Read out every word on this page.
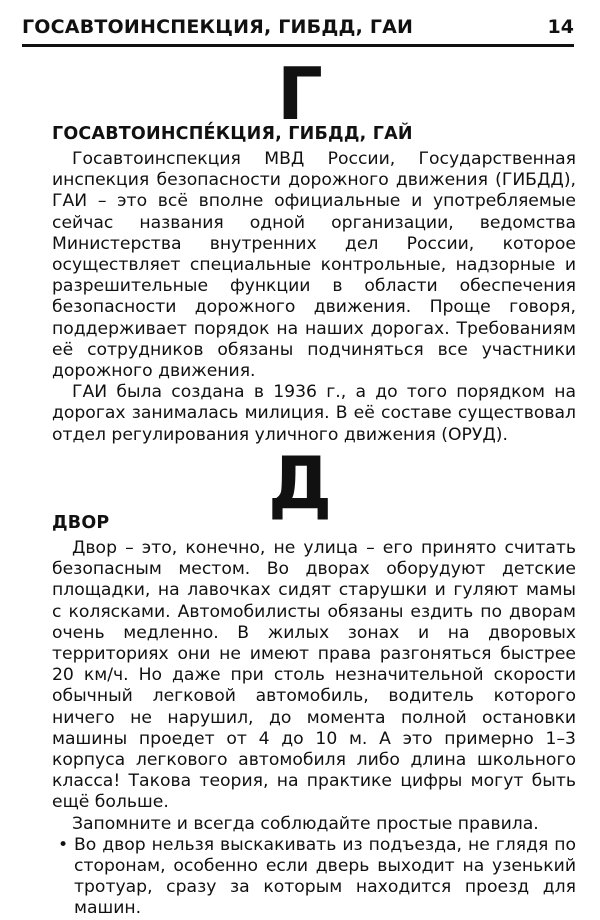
ГОСАВТОИНСПЕКЦИЯ, ГИБДД, ГАИ	14
Г
ГОСАВТОИНСПЕ́КЦИЯ, ГИБДД, ГАЙ

Госавтоинспекция МВД России, Государственная инспекция безопасности дорожного движения (ГИБДД), ГАИ – это всё вполне официальные и употребляемые сейчас названия одной организации, ведомства Министерства внутренних дел России, которое осуществляет специальные контрольные, надзорные и разрешительные функции в области обеспечения безопасности дорожного движения. Проще говоря, поддерживает порядок на наших дорогах. Требованиям её сотрудников обязаны подчиняться все участники дорожного движения.

ГАИ была создана в 1936 г., а до того порядком на дорогах занималась милиция. В её составе существовал отдел регулирования уличного движения (ОРУД).

Д
ДВОР

Двор – это, конечно, не улица – его принято считать безопасным местом. Во дворах оборудуют детские площадки, на лавочках сидят старушки и гуляют мамы с колясками. Автомобилисты обязаны ездить по дворам очень медленно. В жилых зонах и на дворовых территориях они не имеют права разгоняться быстрее 20 км/ч. Но даже при столь незначительной скорости обычный легковой автомобиль, водитель которого ничего не нарушил, до момента полной остановки машины проедет от 4 до 10 м. А это примерно 1–3 корпуса легкового автомобиля либо длина школьного класса! Такова теория, на практике цифры могут быть ещё больше.

Запомните и всегда соблюдайте простые правила.

• Во двор нельзя выскакивать из подъезда, не глядя по сторонам, особенно если дверь выходит на узенький тротуар, сразу за которым находится проезд для машин.
